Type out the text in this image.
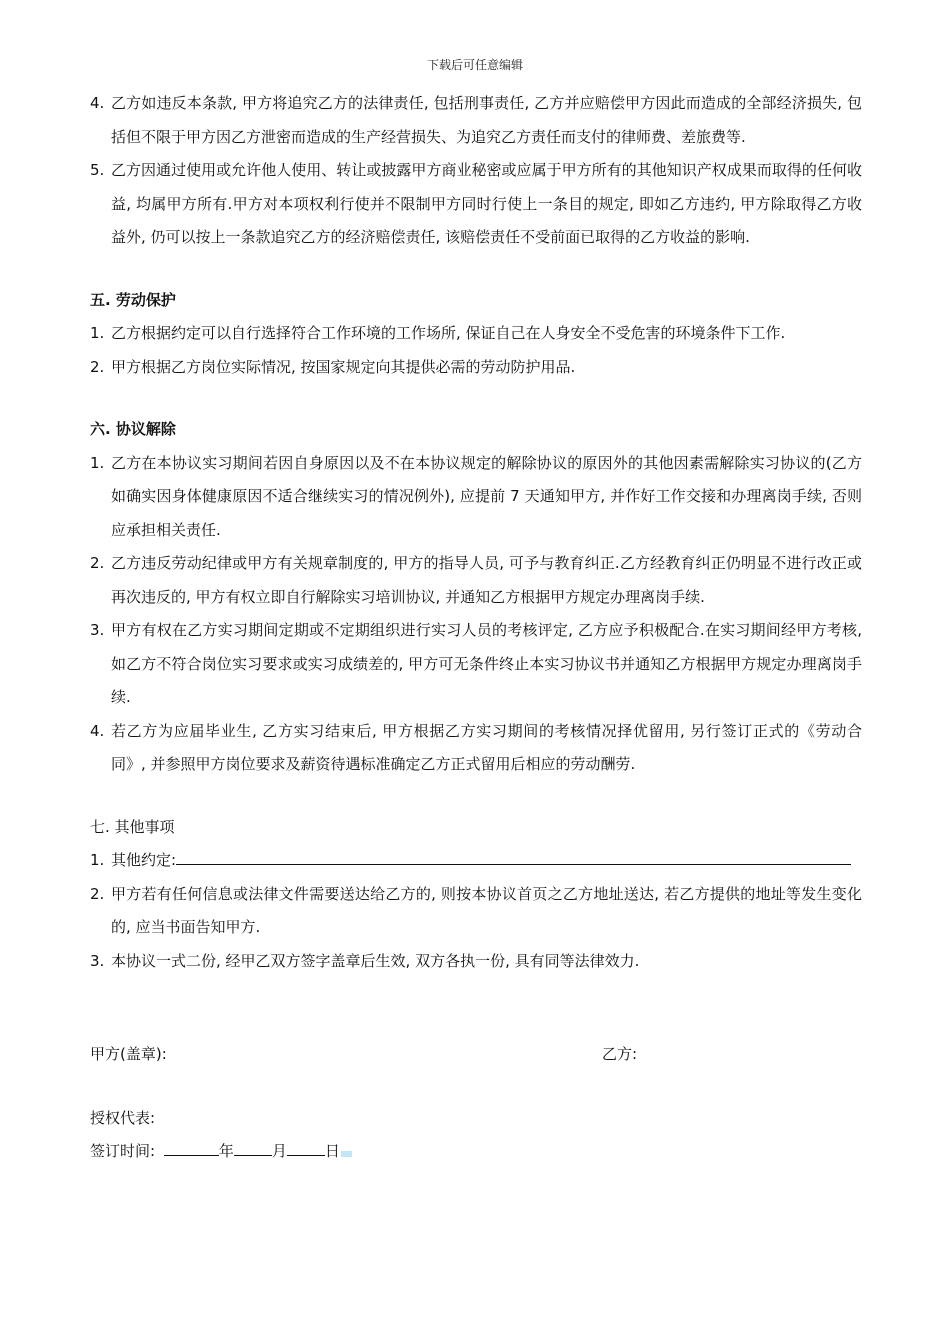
下载后可任意编辑
4. 乙方如违反本条款, 甲方将追究乙方的法律责任, 包括刑事责任, 乙方并应赔偿甲方因此而造成的全部经济损失, 包括但不限于甲方因乙方泄密而造成的生产经营损失、为追究乙方责任而支付的律师费、差旅费等.
5. 乙方因通过使用或允许他人使用、转让或披露甲方商业秘密或应属于甲方所有的其他知识产权成果而取得的任何收益, 均属甲方所有.甲方对本项权利行使并不限制甲方同时行使上一条目的规定, 即如乙方违约, 甲方除取得乙方收益外, 仍可以按上一条款追究乙方的经济赔偿责任, 该赔偿责任不受前面已取得的乙方收益的影响.
五. 劳动保护
1. 乙方根据约定可以自行选择符合工作环境的工作场所, 保证自己在人身安全不受危害的环境条件下工作.
2. 甲方根据乙方岗位实际情况, 按国家规定向其提供必需的劳动防护用品.
六. 协议解除
1. 乙方在本协议实习期间若因自身原因以及不在本协议规定的解除协议的原因外的其他因素需解除实习协议的(乙方如确实因身体健康原因不适合继续实习的情况例外), 应提前 7 天通知甲方, 并作好工作交接和办理离岗手续, 否则应承担相关责任.
2. 乙方违反劳动纪律或甲方有关规章制度的, 甲方的指导人员, 可予与教育纠正.乙方经教育纠正仍明显不进行改正或再次违反的, 甲方有权立即自行解除实习培训协议, 并通知乙方根据甲方规定办理离岗手续.
3. 甲方有权在乙方实习期间定期或不定期组织进行实习人员的考核评定, 乙方应予积极配合.在实习期间经甲方考核, 如乙方不符合岗位实习要求或实习成绩差的, 甲方可无条件终止本实习协议书并通知乙方根据甲方规定办理离岗手续.
4. 若乙方为应届毕业生, 乙方实习结束后, 甲方根据乙方实习期间的考核情况择优留用, 另行签订正式的《劳动合同》, 并参照甲方岗位要求及薪资待遇标准确定乙方正式留用后相应的劳动酬劳.
七. 其他事项
1. 其他约定:
2. 甲方若有任何信息或法律文件需要送达给乙方的, 则按本协议首页之乙方地址送达, 若乙方提供的地址等发生变化的, 应当书面告知甲方.
3. 本协议一式二份, 经甲乙双方签字盖章后生效, 双方各执一份, 具有同等法律效力.
甲方(盖章):	乙方:
授权代表:
签订时间:	年	月	日
